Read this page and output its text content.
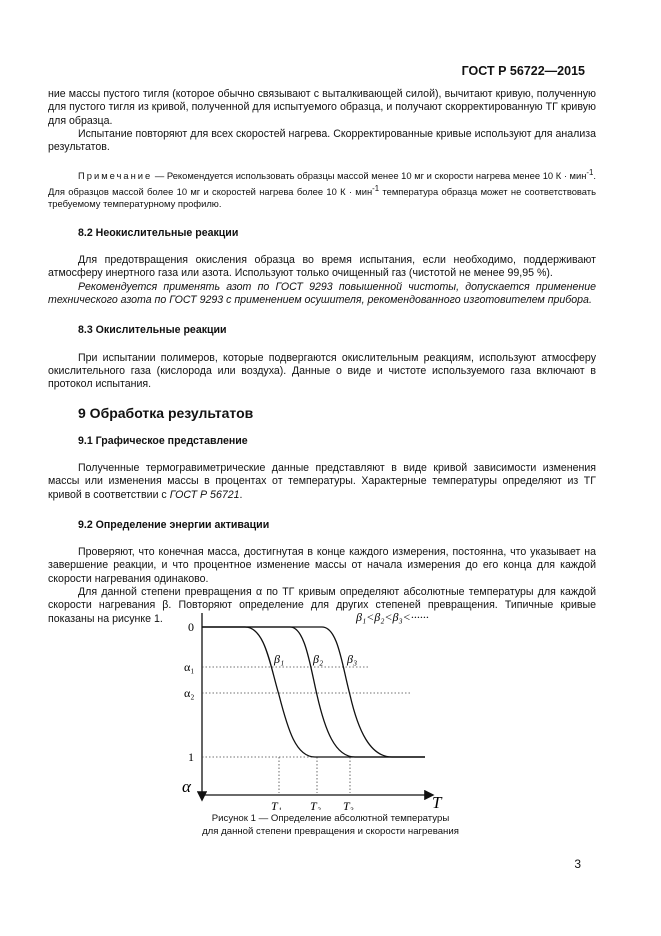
ГОСТ Р 56722—2015

ние массы пустого тигля (которое обычно связывают с выталкивающей силой), вычитают кривую, полученную для пустого тигля из кривой, полученной для испытуемого образца, и получают скорректированную ТГ кривую для образца.

Испытание повторяют для всех скоростей нагрева. Скорректированные кривые используют для анализа результатов.

Примечание — Рекомендуется использовать образцы массой менее 10 мг и скорости нагрева менее 10 К · мин$^{-1}$. Для образцов массой более 10 мг и скоростей нагрева более 10 К · мин$^{-1}$ температура образца может не соответствовать требуемому температурному профилю.

8.2 Неокислительные реакции

Для предотвращения окисления образца во время испытания, если необходимо, поддерживают атмосферу инертного газа или азота. Используют только очищенный газ (чистотой не менее 99,95 %).

Рекомендуется применять азот по ГОСТ 9293 повышенной чистоты, допускается применение технического азота по ГОСТ 9293 с применением осушителя, рекомендованного изготовителем прибора.

8.3 Окислительные реакции

При испытании полимеров, которые подвергаются окислительным реакциям, используют атмосферу окислительного газа (кислорода или воздуха). Данные о виде и чистоте используемого газа включают в протокол испытания.

9 Обработка результатов
9.1 Графическое представление

Полученные термогравиметрические данные представляют в виде кривой зависимости изменения массы или изменения массы в процентах от температуры. Характерные температуры определяют из ТГ кривой в соответствии с ГОСТ Р 56721.

9.2 Определение энергии активации

Проверяют, что конечная масса, достигнутая в конце каждого измерения, постоянна, что указывает на завершение реакции, и что процентное изменение массы от начала измерения до его конца для каждой скорости нагревания одинаково.

Для данной степени превращения α по ТГ кривым определяют абсолютные температуры для каждой скорости нагревания β. Повторяют определение для других степеней превращения. Типичные кривые показаны на рисунке 1.

0
α₁
α₂
1
α
T
β₁ β₂ β₃
β₁<β₂<β₃<······
T₁ T₂ T₃
Рисунок 1 — Определение абсолютной температуры
для данной степени превращения и скорости нагревания
3
